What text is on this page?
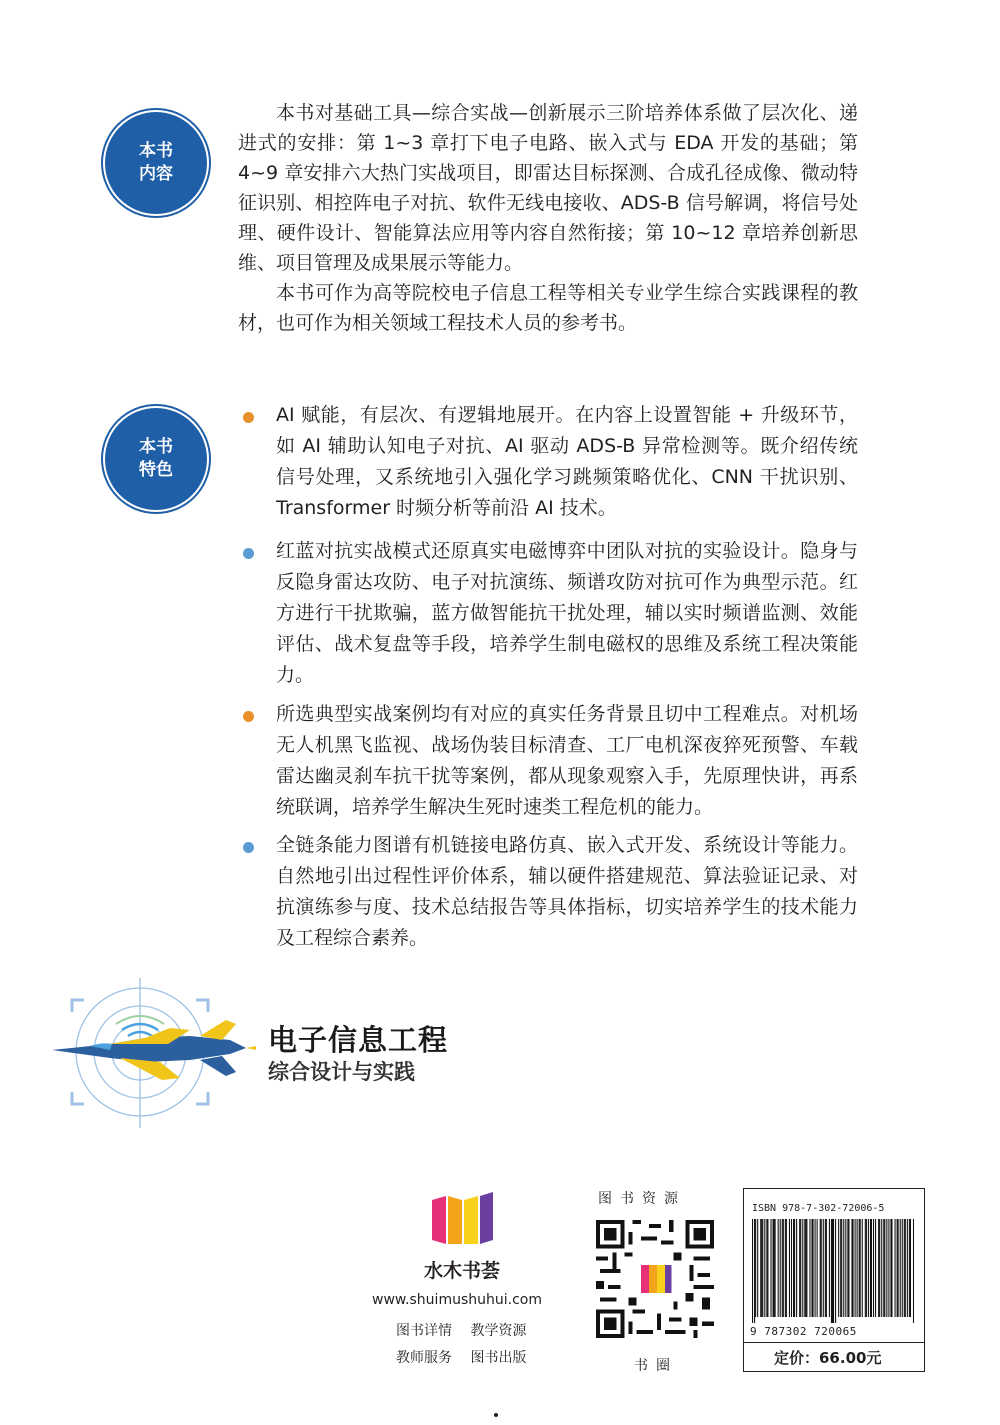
本书
内容

本书对基础工具—综合实战—创新展示三阶培养体系做了层次化、递进式的安排：第 1~3 章打下电子电路、嵌入式与 EDA 开发的基础；第 4~9 章安排六大热门实战项目，即雷达目标探测、合成孔径成像、微动特征识别、相控阵电子对抗、软件无线电接收、ADS-B 信号解调，将信号处理、硬件设计、智能算法应用等内容自然衔接；第 10~12 章培养创新思维、项目管理及成果展示等能力。

本书可作为高等院校电子信息工程等相关专业学生综合实践课程的教材，也可作为相关领域工程技术人员的参考书。

本书
特色

AI 赋能，有层次、有逻辑地展开。在内容上设置智能 + 升级环节，如 AI 辅助认知电子对抗、AI 驱动 ADS-B 异常检测等。既介绍传统信号处理，又系统地引入强化学习跳频策略优化、CNN 干扰识别、Transformer 时频分析等前沿 AI 技术。

红蓝对抗实战模式还原真实电磁博弈中团队对抗的实验设计。隐身与反隐身雷达攻防、电子对抗演练、频谱攻防对抗可作为典型示范。红方进行干扰欺骗，蓝方做智能抗干扰处理，辅以实时频谱监测、效能评估、战术复盘等手段，培养学生制电磁权的思维及系统工程决策能力。

所选典型实战案例均有对应的真实任务背景且切中工程难点。对机场无人机黑飞监视、战场伪装目标清查、工厂电机深夜猝死预警、车载雷达幽灵刹车抗干扰等案例，都从现象观察入手，先原理快讲，再系统联调，培养学生解决生死时速类工程危机的能力。

全链条能力图谱有机链接电路仿真、嵌入式开发、系统设计等能力。自然地引出过程性评价体系，辅以硬件搭建规范、算法验证记录、对抗演练参与度、技术总结报告等具体指标，切实培养学生的技术能力及工程综合素养。

电子信息工程
综合设计与实践
水木书荟
www.shuimushuhui.com
图书详情 教学资源
教师服务 图书出版
图书资源
书圈
ISBN 978-7-302-72006-5
9 787302 720065
定价：66.00元
